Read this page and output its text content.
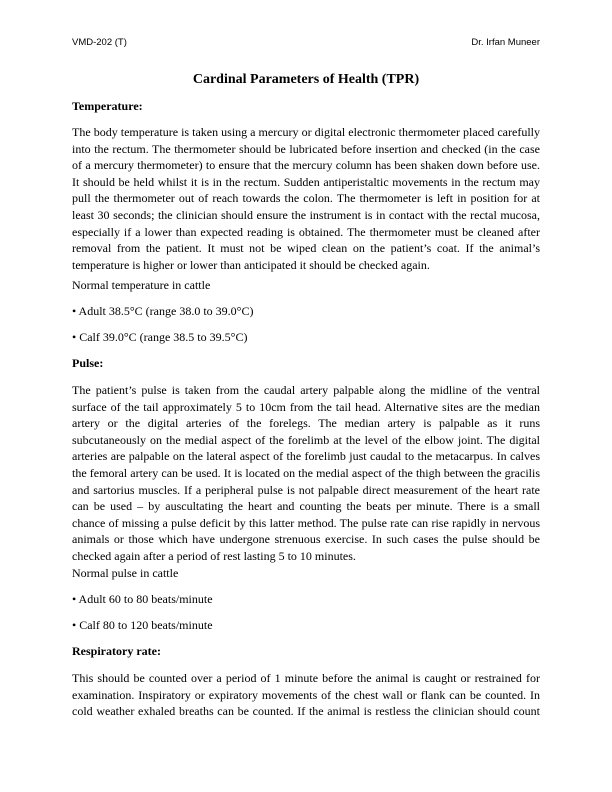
VMD-202 (T)	Dr. Irfan Muneer
Cardinal Parameters of Health (TPR)
Temperature:
The body temperature is taken using a mercury or digital electronic thermometer placed carefully
into the rectum. The thermometer should be lubricated before insertion and checked (in the case
of a mercury thermometer) to ensure that the mercury column has been shaken down before use.
It should be held whilst it is in the rectum. Sudden antiperistaltic movements in the rectum may
pull the thermometer out of reach towards the colon. The thermometer is left in position for at
least 30 seconds; the clinician should ensure the instrument is in contact with the rectal mucosa,
especially if a lower than expected reading is obtained. The thermometer must be cleaned after
removal from the patient. It must not be wiped clean on the patient’s coat. If the animal’s
temperature is higher or lower than anticipated it should be checked again.
Normal temperature in cattle
• Adult 38.5°C (range 38.0 to 39.0°C)
• Calf 39.0°C (range 38.5 to 39.5°C)
Pulse:
The patient’s pulse is taken from the caudal artery palpable along the midline of the ventral
surface of the tail approximately 5 to 10cm from the tail head. Alternative sites are the median
artery or the digital arteries of the forelegs. The median artery is palpable as it runs
subcutaneously on the medial aspect of the forelimb at the level of the elbow joint. The digital
arteries are palpable on the lateral aspect of the forelimb just caudal to the metacarpus. In calves
the femoral artery can be used. It is located on the medial aspect of the thigh between the gracilis
and sartorius muscles. If a peripheral pulse is not palpable direct measurement of the heart rate
can be used – by auscultating the heart and counting the beats per minute. There is a small
chance of missing a pulse deficit by this latter method. The pulse rate can rise rapidly in nervous
animals or those which have undergone strenuous exercise. In such cases the pulse should be
checked again after a period of rest lasting 5 to 10 minutes.
Normal pulse in cattle
• Adult 60 to 80 beats/minute
• Calf 80 to 120 beats/minute
Respiratory rate:
This should be counted over a period of 1 minute before the animal is caught or restrained for
examination. Inspiratory or expiratory movements of the chest wall or flank can be counted. In
cold weather exhaled breaths can be counted. If the animal is restless the clinician should count
